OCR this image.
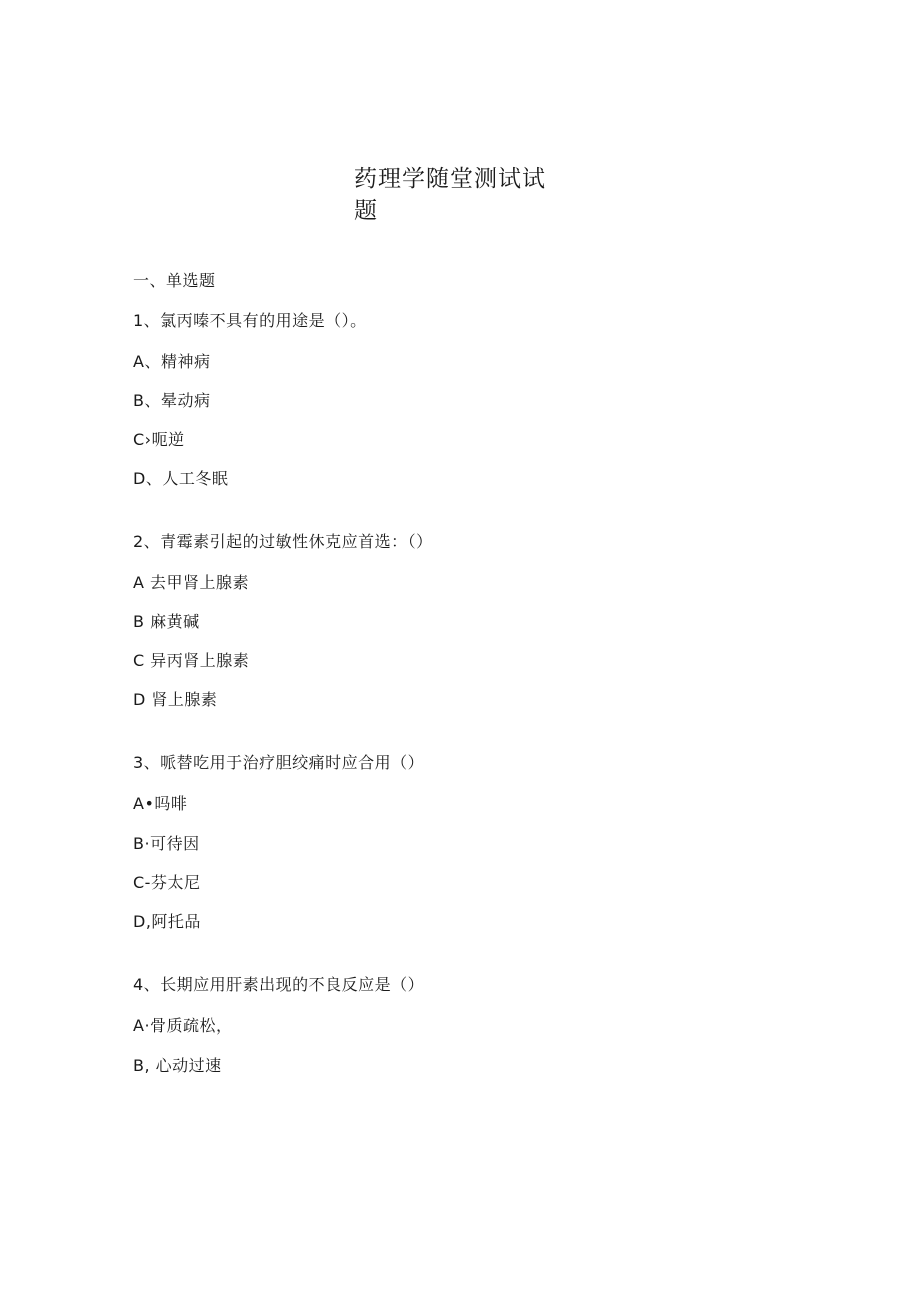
药理学随堂测试试
题
一、单选题
1、氯丙嗪不具有的用途是（）。
A、精神病
B、晕动病
C›呃逆
D、人工冬眠
2、青霉素引起的过敏性休克应首选：（）
A 去甲肾上腺素
B 麻黄碱
C 异丙肾上腺素
D 肾上腺素
3、哌替吃用于治疗胆绞痛时应合用（）
A•吗啡
B·可待因
C-芬太尼
D,阿托品
4、长期应用肝素出现的不良反应是（）
A·骨质疏松，
B, 心动过速
